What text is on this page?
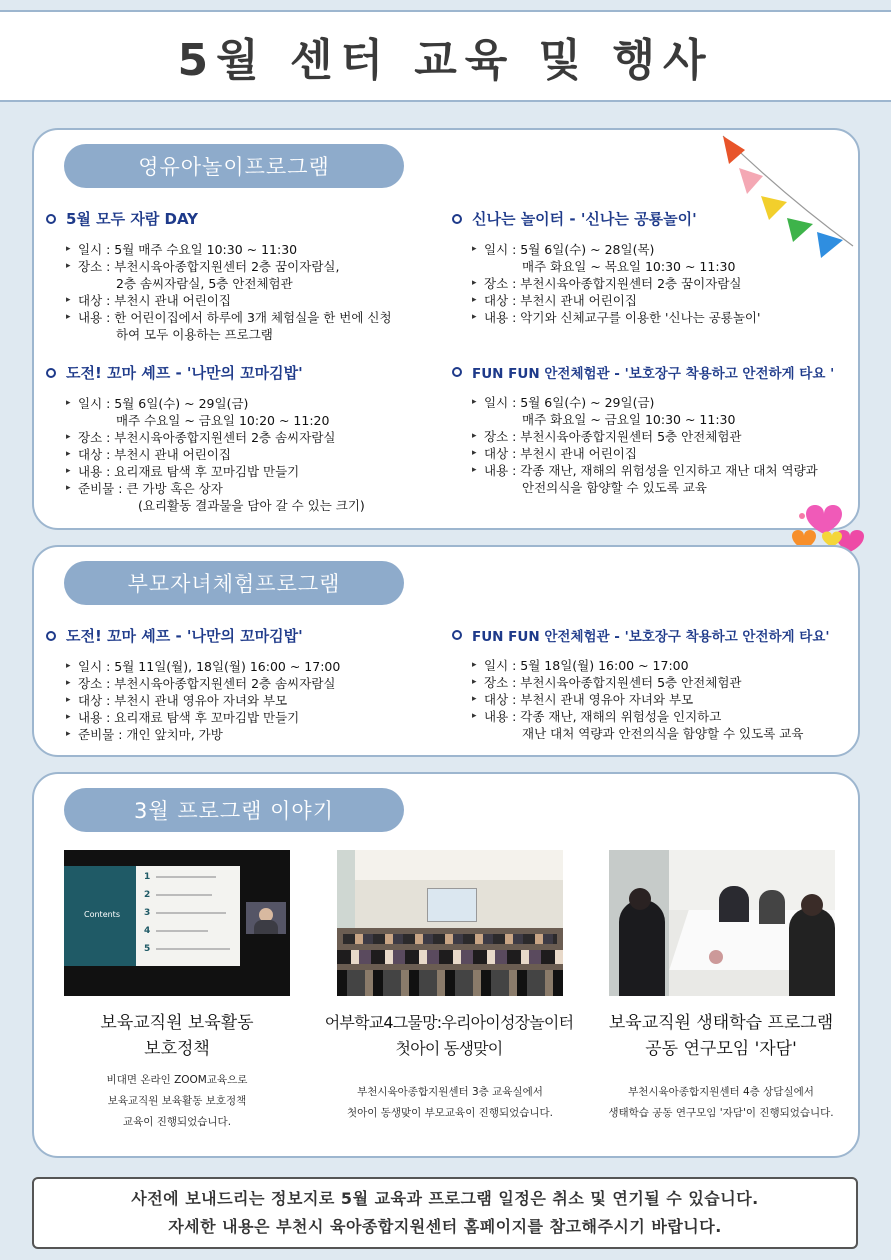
5월 센터 교육 및 행사
영유아놀이프로그램
5월 모두 자람 DAY
▸ 일시 : 5월 매주 수요일 10:30 ~ 11:30
▸ 장소 : 부천시육아종합지원센터 2층 꿈이자람실,
2층 솜씨자람실, 5층 안전체험관
▸ 대상 : 부천시 관내 어린이집
▸ 내용 : 한 어린이집에서 하루에 3개 체험실을 한 번에 신청
하여 모두 이용하는 프로그램
도전! 꼬마 셰프 - '나만의 꼬마김밥'
▸ 일시 : 5월 6일(수) ~ 29일(금)
매주 수요일 ~ 금요일 10:20 ~ 11:20
▸ 장소 : 부천시육아종합지원센터 2층 솜씨자람실
▸ 대상 : 부천시 관내 어린이집
▸ 내용 : 요리재료 탐색 후 꼬마김밥 만들기
▸ 준비물 : 큰 가방 혹은 상자
(요리활동 결과물을 담아 갈 수 있는 크기)
신나는 놀이터 - '신나는 공룡놀이'
▸ 일시 : 5월 6일(수) ~ 28일(목)
매주 화요일 ~ 목요일 10:30 ~ 11:30
▸ 장소 : 부천시육아종합지원센터 2층 꿈이자람실
▸ 대상 : 부천시 관내 어린이집
▸ 내용 : 악기와 신체교구를 이용한 '신나는 공룡놀이'
FUN FUN 안전체험관 - '보호장구 착용하고 안전하게 타요 '
▸ 일시 : 5월 6일(수) ~ 29일(금)
매주 화요일 ~ 금요일 10:30 ~ 11:30
▸ 장소 : 부천시육아종합지원센터 5층 안전체험관
▸ 대상 : 부천시 관내 어린이집
▸ 내용 : 각종 재난, 재해의 위험성을 인지하고 재난 대처 역량과
안전의식을 함양할 수 있도록 교육
부모자녀체험프로그램
도전! 꼬마 셰프 - '나만의 꼬마김밥'
▸ 일시 : 5월 11일(월), 18일(월) 16:00 ~ 17:00
▸ 장소 : 부천시육아종합지원센터 2층 솜씨자람실
▸ 대상 : 부천시 관내 영유아 자녀와 부모
▸ 내용 : 요리재료 탐색 후 꼬마김밥 만들기
▸ 준비물 : 개인 앞치마, 가방
FUN FUN 안전체험관 - '보호장구 착용하고 안전하게 타요'
▸ 일시 : 5월 18일(월) 16:00 ~ 17:00
▸ 장소 : 부천시육아종합지원센터 5층 안전체험관
▸ 대상 : 부천시 관내 영유아 자녀와 부모
▸ 내용 : 각종 재난, 재해의 위험성을 인지하고
재난 대처 역량과 안전의식을 함양할 수 있도록 교육
3월 프로그램 이야기
Contents
1
2
3
4
5
보육교직원 보육활동
보호정책
어부학교4그물망:우리아이성장놀이터
첫아이 동생맞이
보육교직원 생태학습 프로그램
공동 연구모임 '자담'
비대면 온라인 ZOOM교육으로
보육교직원 보육활동 보호정책
교육이 진행되었습니다.
부천시육아종합지원센터 3층 교육실에서
첫아이 동생맞이 부모교육이 진행되었습니다.
부천시육아종합지원센터 4층 상담실에서
생태학습 공동 연구모임 '자담'이 진행되었습니다.
사전에 보내드리는 정보지로 5월 교육과 프로그램 일정은 취소 및 연기될 수 있습니다.
자세한 내용은 부천시 육아종합지원센터 홈페이지를 참고해주시기 바랍니다.
